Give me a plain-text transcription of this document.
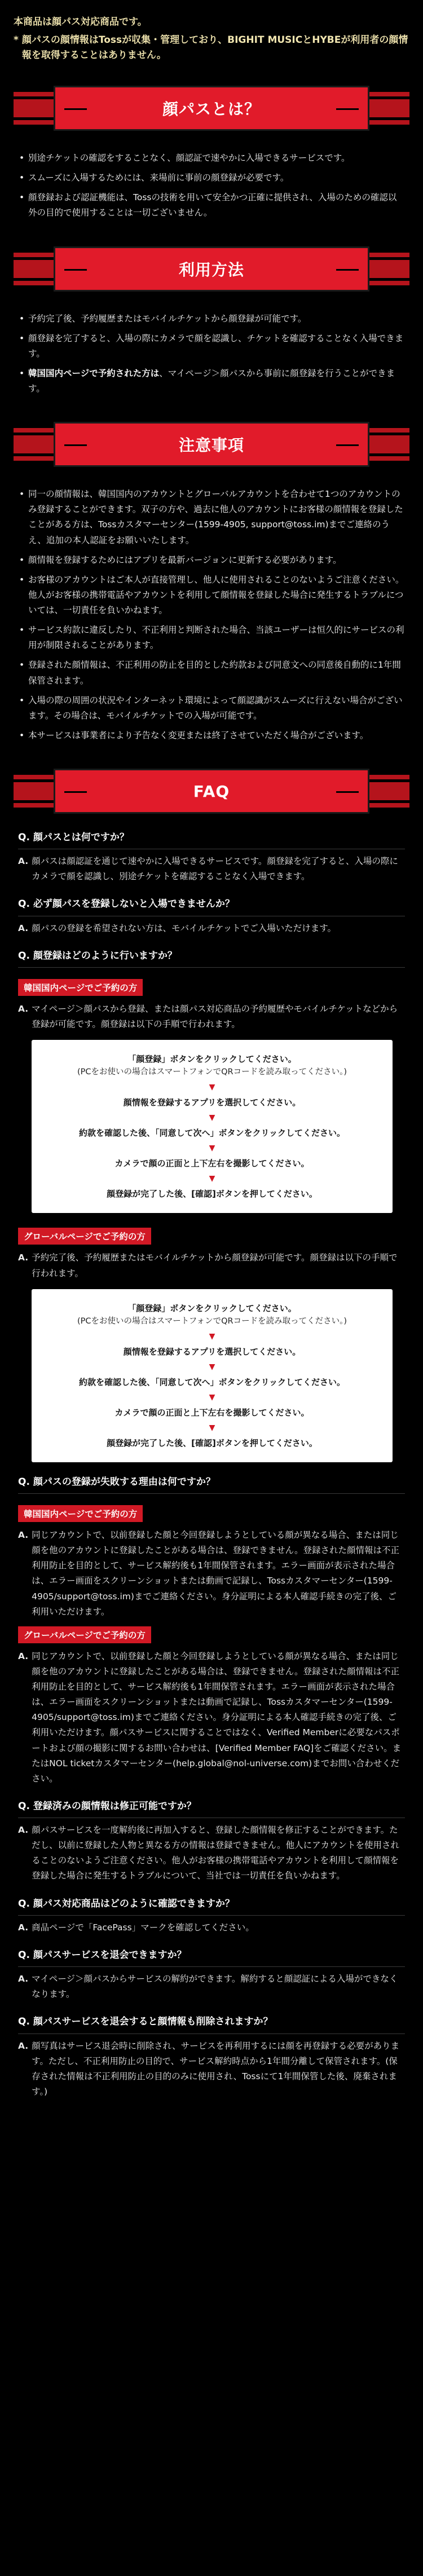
本商品は顔パス対応商品です。

* 顔パスの顔情報はTossが収集・管理しており、BIGHIT MUSICとHYBEが利用者の顔情報を取得することはありません。

顔パスとは？
• 別途チケットの確認をすることなく、顔認証で速やかに入場できるサービスです。
• スムーズに入場するためには、来場前に事前の顔登録が必要です。
• 顔登録および認証機能は、Tossの技術を用いて安全かつ正確に提供され、入場のための確認以外の目的で使用することは一切ございません。
利用方法
• 予約完了後、予約履歴またはモバイルチケットから顔登録が可能です。
• 顔登録を完了すると、入場の際にカメラで顔を認識し、チケットを確認することなく入場できます。
• 韓国国内ページで予約された方は、マイページ＞顔パスから事前に顔登録を行うことができます。
注意事項
• 同一の顔情報は、韓国国内のアカウントとグローバルアカウントを合わせて1つのアカウントのみ登録することができます。双子の方や、過去に他人のアカウントにお客様の顔情報を登録したことがある方は、Tossカスタマーセンター(1599-4905, support@toss.im)までご連絡のうえ、追加の本人認証をお願いいたします。
• 顔情報を登録するためにはアプリを最新バージョンに更新する必要があります。
• お客様のアカウントはご本人が直接管理し、他人に使用されることのないようご注意ください。他人がお客様の携帯電話やアカウントを利用して顔情報を登録した場合に発生するトラブルについては、一切責任を負いかねます。
• サービス約款に違反したり、不正利用と判断された場合、当該ユーザーは恒久的にサービスの利用が制限されることがあります。
• 登録された顔情報は、不正利用の防止を目的とした約款および同意文への同意後自動的に1年間保管されます。
• 入場の際の周囲の状況やインターネット環境によって顔認識がスムーズに行えない場合がございます。その場合は、モバイルチケットでの入場が可能です。
• 本サービスは事業者により予告なく変更または終了させていただく場合がございます。
FAQ
Q. 顔パスとは何ですか？
A. 顔パスは顔認証を通じて速やかに入場できるサービスです。顔登録を完了すると、入場の際にカメラで顔を認識し、別途チケットを確認することなく入場できます。
Q. 必ず顔パスを登録しないと入場できませんか？
A. 顔パスの登録を希望されない方は、モバイルチケットでご入場いただけます。
Q. 顔登録はどのように行いますか？
韓国国内ページでご予約の方
A. マイページ＞顔パスから登録、または顔パス対応商品の予約履歴やモバイルチケットなどから登録が可能です。顔登録は以下の手順で行われます。
「顔登録」ボタンをクリックしてください。
(PCをお使いの場合はスマートフォンでQRコードを読み取ってください。)
▼
顔情報を登録するアプリを選択してください。
▼
約款を確認した後、「同意して次へ」ボタンをクリックしてください。
▼
カメラで顔の正面と上下左右を撮影してください。
▼
顔登録が完了した後、[確認]ボタンを押してください。
グローバルページでご予約の方
A. 予約完了後、予約履歴またはモバイルチケットから顔登録が可能です。顔登録は以下の手順で行われます。
「顔登録」ボタンをクリックしてください。
(PCをお使いの場合はスマートフォンでQRコードを読み取ってください。)
▼
顔情報を登録するアプリを選択してください。
▼
約款を確認した後、「同意して次へ」ボタンをクリックしてください。
▼
カメラで顔の正面と上下左右を撮影してください。
▼
顔登録が完了した後、[確認]ボタンを押してください。
Q. 顔パスの登録が失敗する理由は何ですか？
韓国国内ページでご予約の方
A. 同じアカウントで、以前登録した顔と今回登録しようとしている顔が異なる場合、または同じ顔を他のアカウントに登録したことがある場合は、登録できません。登録された顔情報は不正利用防止を目的として、サービス解約後も1年間保管されます。エラー画面が表示された場合は、エラー画面をスクリーンショットまたは動画で記録し、Tossカスタマーセンター(1599-4905/support@toss.im)までご連絡ください。身分証明による本人確認手続きの完了後、ご利用いただけます。
グローバルページでご予約の方
A. 同じアカウントで、以前登録した顔と今回登録しようとしている顔が異なる場合、または同じ顔を他のアカウントに登録したことがある場合は、登録できません。登録された顔情報は不正利用防止を目的として、サービス解約後も1年間保管されます。エラー画面が表示された場合は、エラー画面をスクリーンショットまたは動画で記録し、Tossカスタマーセンター(1599-4905/support@toss.im)までご連絡ください。身分証明による本人確認手続きの完了後、ご利用いただけます。顔パスサービスに関することではなく、Verified Memberに必要なパスポートおよび顔の撮影に関するお問い合わせは、[Verified Member FAQ]をご確認ください。またはNOL ticketカスタマーセンター(help.global@nol-universe.com)までお問い合わせください。
Q. 登録済みの顔情報は修正可能ですか？
A. 顔パスサービスを一度解約後に再加入すると、登録した顔情報を修正することができます。ただし、以前に登録した人物と異なる方の情報は登録できません。他人にアカウントを使用されることのないようご注意ください。他人がお客様の携帯電話やアカウントを利用して顔情報を登録した場合に発生するトラブルについて、当社では一切責任を負いかねます。
Q. 顔パス対応商品はどのように確認できますか？
A. 商品ページで「FacePass」マークを確認してください。
Q. 顔パスサービスを退会できますか？
A. マイページ＞顔パスからサービスの解約ができます。解約すると顔認証による入場ができなくなります。
Q. 顔パスサービスを退会すると顔情報も削除されますか？
A. 顔写真はサービス退会時に削除され、サービスを再利用するには顔を再登録する必要があります。ただし、不正利用防止の目的で、サービス解約時点から1年間分離して保管されます。(保存された情報は不正利用防止の目的のみに使用され、Tossにて1年間保管した後、廃棄されます。)
